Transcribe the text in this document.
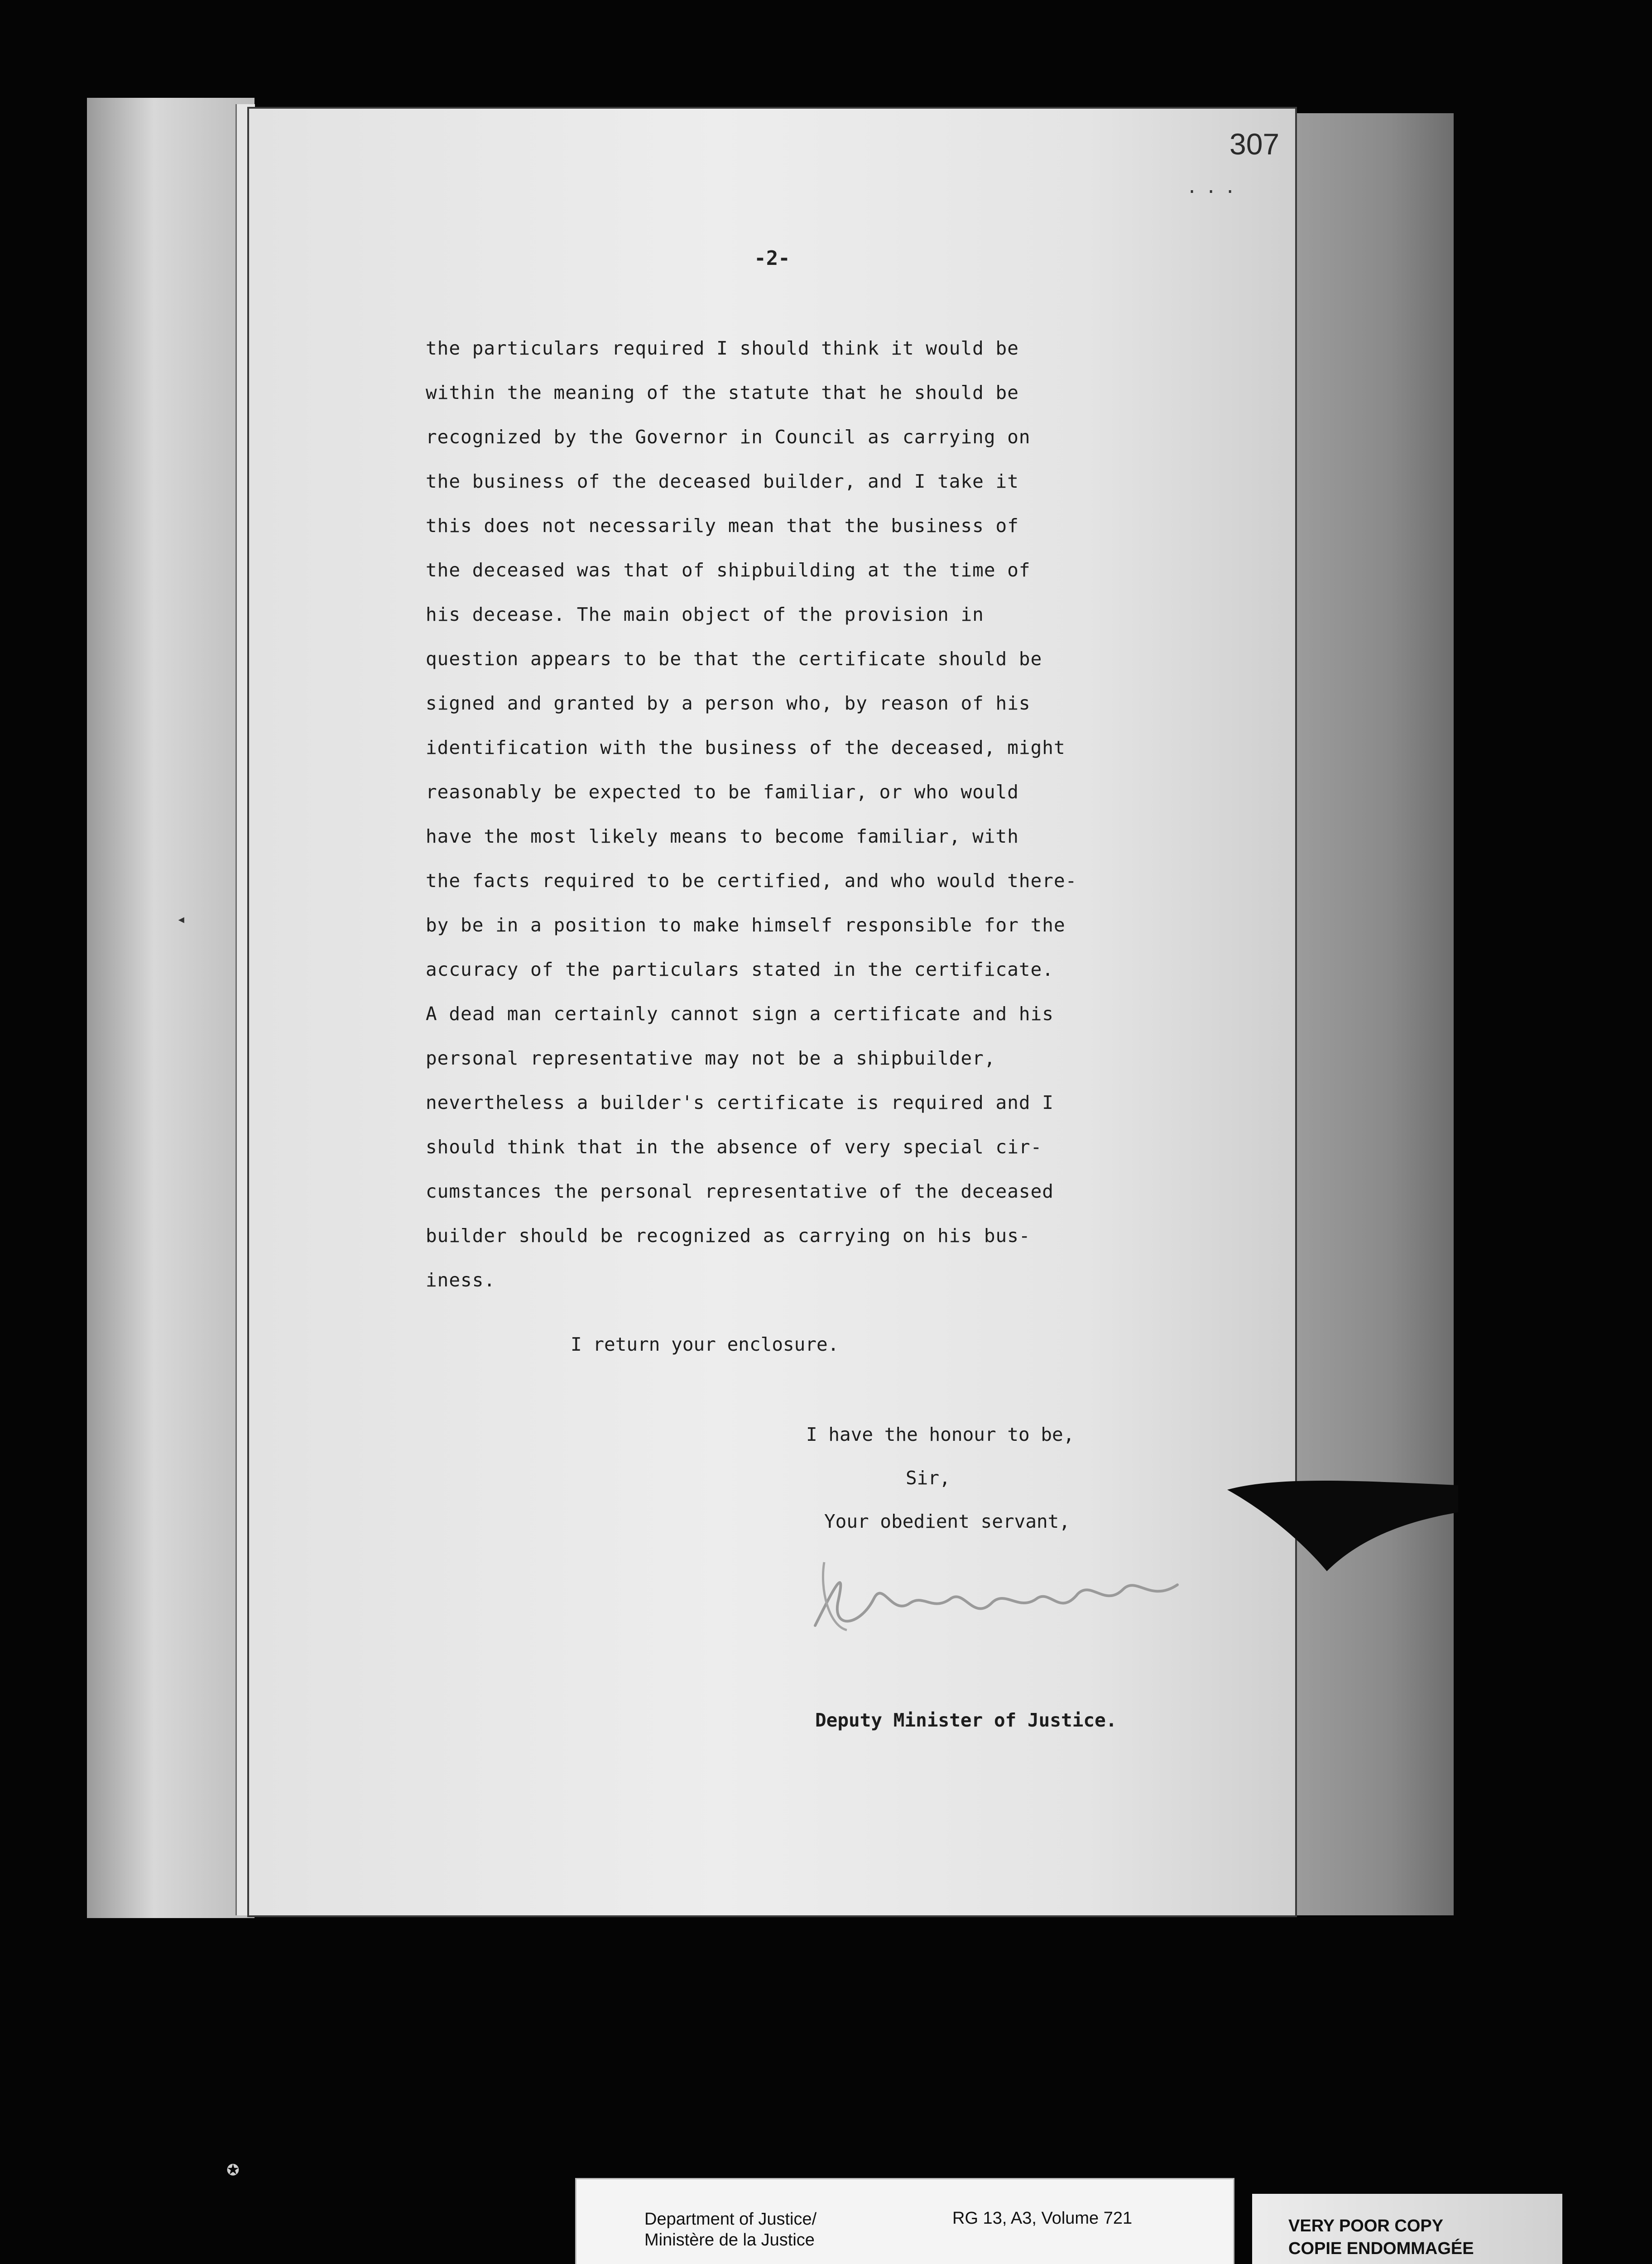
◂
307
...
-2-
the particulars required I should think it would be
within the meaning of the statute that he should be
recognized by the Governor in Council as carrying on
the business of the deceased builder, and I take it
this does not necessarily mean that the business of
the deceased was that of shipbuilding at the time of
his decease. The main object of the provision in
question appears to be that the certificate should be
signed and granted by a person who, by reason of his
identification with the business of the deceased, might
reasonably be expected to be familiar, or who would
have the most likely means to become familiar, with
the facts required to be certified, and who would there-
by be in a position to make himself responsible for the
accuracy of the particulars stated in the certificate.
A dead man certainly cannot sign a certificate and his
personal representative may not be a shipbuilder,
nevertheless a builder's certificate is required and I
should think that in the absence of very special cir-
cumstances the personal representative of the deceased
builder should be recognized as carrying on his bus-
iness.
I return your enclosure.
I have the honour to be,
Sir,
Your obedient servant,
Deputy Minister of Justice.
✪
Department of Justice/
Ministère de la Justice
RG 13, A3, Volume 721	VERY POOR COPY
COPIE ENDOMMAGÉE
